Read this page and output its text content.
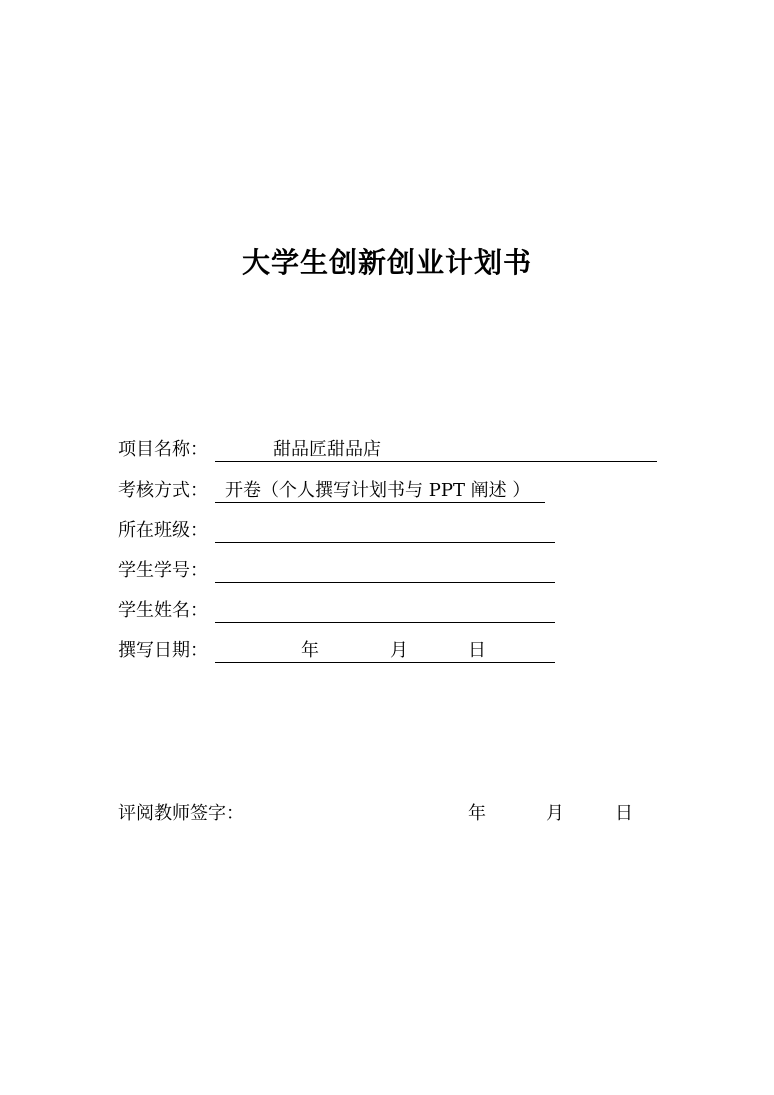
大学生创新创业计划书
项目名称：	甜品匠甜品店
考核方式： 开卷（个人撰写计划书与 PPT 阐述 ）
所在班级：
学生学号：
学生姓名：
撰写日期：	年	月	日
评阅教师签字：	年	月	日
